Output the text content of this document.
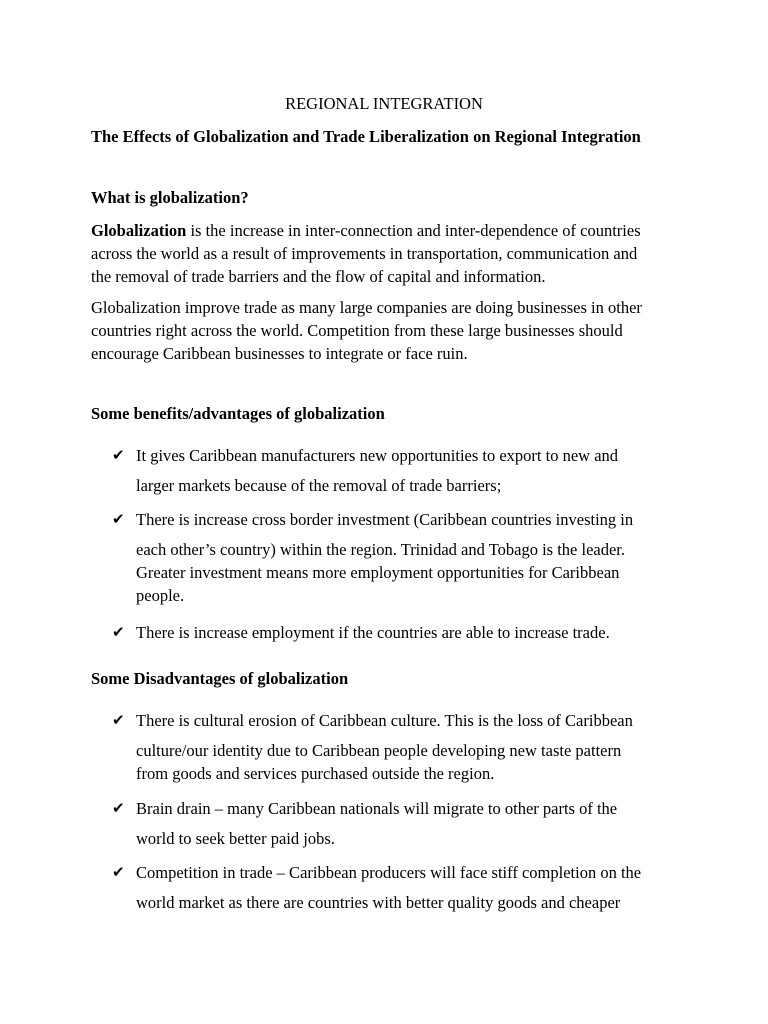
REGIONAL INTEGRATION
The Effects of Globalization and Trade Liberalization on Regional Integration
What is globalization?
Globalization is the increase in inter-connection and inter-dependence of countries
across the world as a result of improvements in transportation, communication and
the removal of trade barriers and the flow of capital and information.
Globalization improve trade as many large companies are doing businesses in other
countries right across the world. Competition from these large businesses should
encourage Caribbean businesses to integrate or face ruin.
Some benefits/advantages of globalization
✔ It gives Caribbean manufacturers new opportunities to export to new and
larger markets because of the removal of trade barriers;
✔ There is increase cross border investment (Caribbean countries investing in
each other’s country) within the region. Trinidad and Tobago is the leader.
Greater investment means more employment opportunities for Caribbean
people.
✔ There is increase employment if the countries are able to increase trade.
Some Disadvantages of globalization
✔ There is cultural erosion of Caribbean culture. This is the loss of Caribbean
culture/our identity due to Caribbean people developing new taste pattern
from goods and services purchased outside the region.
✔ Brain drain – many Caribbean nationals will migrate to other parts of the
world to seek better paid jobs.
✔ Competition in trade – Caribbean producers will face stiff completion on the
world market as there are countries with better quality goods and cheaper
